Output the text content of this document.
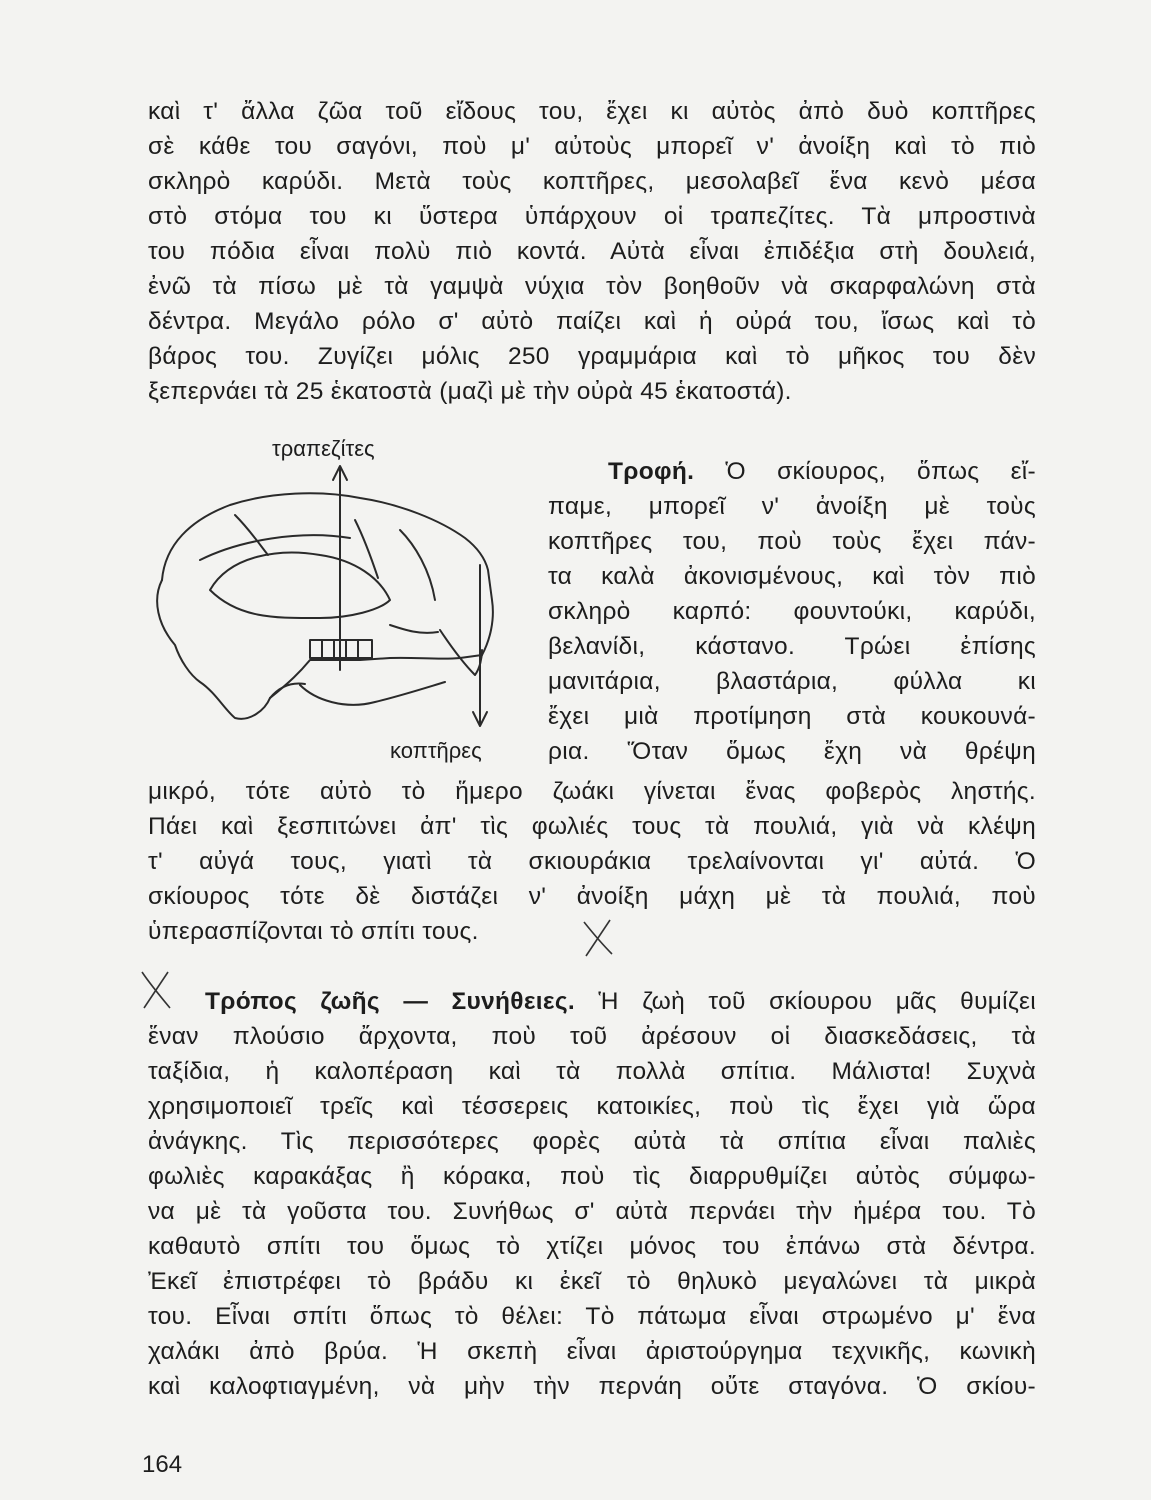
καὶ τ' ἄλλα ζῶα τοῦ εἴδους του, ἔχει κι αὐτὸς ἀπὸ δυὸ κοπτῆρες
σὲ κάθε του σαγόνι, ποὺ μ' αὐτοὺς μπορεῖ ν' ἀνοίξη καὶ τὸ πιὸ
σκληρὸ καρύδι. Μετὰ τοὺς κοπτῆρες, μεσολαβεῖ ἕνα κενὸ μέσα
στὸ στόμα του κι ὕστερα ὑπάρχουν οἱ τραπεζίτες. Τὰ μπροστινὰ
του πόδια εἶναι πολὺ πιὸ κοντά. Αὐτὰ εἶναι ἐπιδέξια στὴ δουλειά,
ἐνῶ τὰ πίσω μὲ τὰ γαμψὰ νύχια τὸν βοηθοῦν νὰ σκαρφαλώνη στὰ
δέντρα. Μεγάλο ρόλο σ' αὐτὸ παίζει καὶ ἡ οὐρά του, ἴσως καὶ τὸ
βάρος του. Ζυγίζει μόλις 250 γραμμάρια καὶ τὸ μῆκος του δὲν
ξεπερνάει τὰ 25 ἑκατοστὰ (μαζὶ μὲ τὴν οὐρὰ 45 ἑκατοστά).
τραπεζίτες
κοπτῆρες
Τροφή. Ὁ σκίουρος, ὅπως εἴ-
παμε, μπορεῖ ν' ἀνοίξη μὲ τοὺς
κοπτῆρες του, ποὺ τοὺς ἔχει πάν-
τα καλὰ ἀκονισμένους, καὶ τὸν πιὸ
σκληρὸ καρπό: φουντούκι, καρύδι,
βελανίδι, κάστανο. Τρώει ἐπίσης
μανιτάρια, βλαστάρια, φύλλα κι
ἔχει μιὰ προτίμηση στὰ κουκουνά-
ρια. Ὅταν ὅμως ἔχη νὰ θρέψη
μικρό, τότε αὐτὸ τὸ ἥμερο ζωάκι γίνεται ἕνας φοβερὸς ληστής.
Πάει καὶ ξεσπιτώνει ἀπ' τὶς φωλιές τους τὰ πουλιά, γιὰ νὰ κλέψη
τ' αὐγά τους, γιατὶ τὰ σκιουράκια τρελαίνονται γι' αὐτά. Ὁ
σκίουρος τότε δὲ διστάζει ν' ἀνοίξη μάχη μὲ τὰ πουλιά, ποὺ
ὑπερασπίζονται τὸ σπίτι τους.
Τρόπος ζωῆς — Συνήθειες. Ἡ ζωὴ τοῦ σκίουρου μᾶς θυμίζει
ἕναν πλούσιο ἄρχοντα, ποὺ τοῦ ἀρέσουν οἱ διασκεδάσεις, τὰ
ταξίδια, ἡ καλοπέραση καὶ τὰ πολλὰ σπίτια. Μάλιστα! Συχνὰ
χρησιμοποιεῖ τρεῖς καὶ τέσσερεις κατοικίες, ποὺ τὶς ἔχει γιὰ ὥρα
ἀνάγκης. Τὶς περισσότερες φορὲς αὐτὰ τὰ σπίτια εἶναι παλιὲς
φωλιὲς καρακάξας ἢ κόρακα, ποὺ τὶς διαρρυθμίζει αὐτὸς σύμφω-
να μὲ τὰ γοῦστα του. Συνήθως σ' αὐτὰ περνάει τὴν ἡμέρα του. Τὸ
καθαυτὸ σπίτι του ὅμως τὸ χτίζει μόνος του ἐπάνω στὰ δέντρα.
Ἐκεῖ ἐπιστρέφει τὸ βράδυ κι ἐκεῖ τὸ θηλυκὸ μεγαλώνει τὰ μικρὰ
του. Εἶναι σπίτι ὅπως τὸ θέλει: Τὸ πάτωμα εἶναι στρωμένο μ' ἕνα
χαλάκι ἀπὸ βρύα. Ἡ σκεπὴ εἶναι ἀριστούργημα τεχνικῆς, κωνικὴ
καὶ καλοφτιαγμένη, νὰ μὴν τὴν περνάη οὔτε σταγόνα. Ὁ σκίου-
164
